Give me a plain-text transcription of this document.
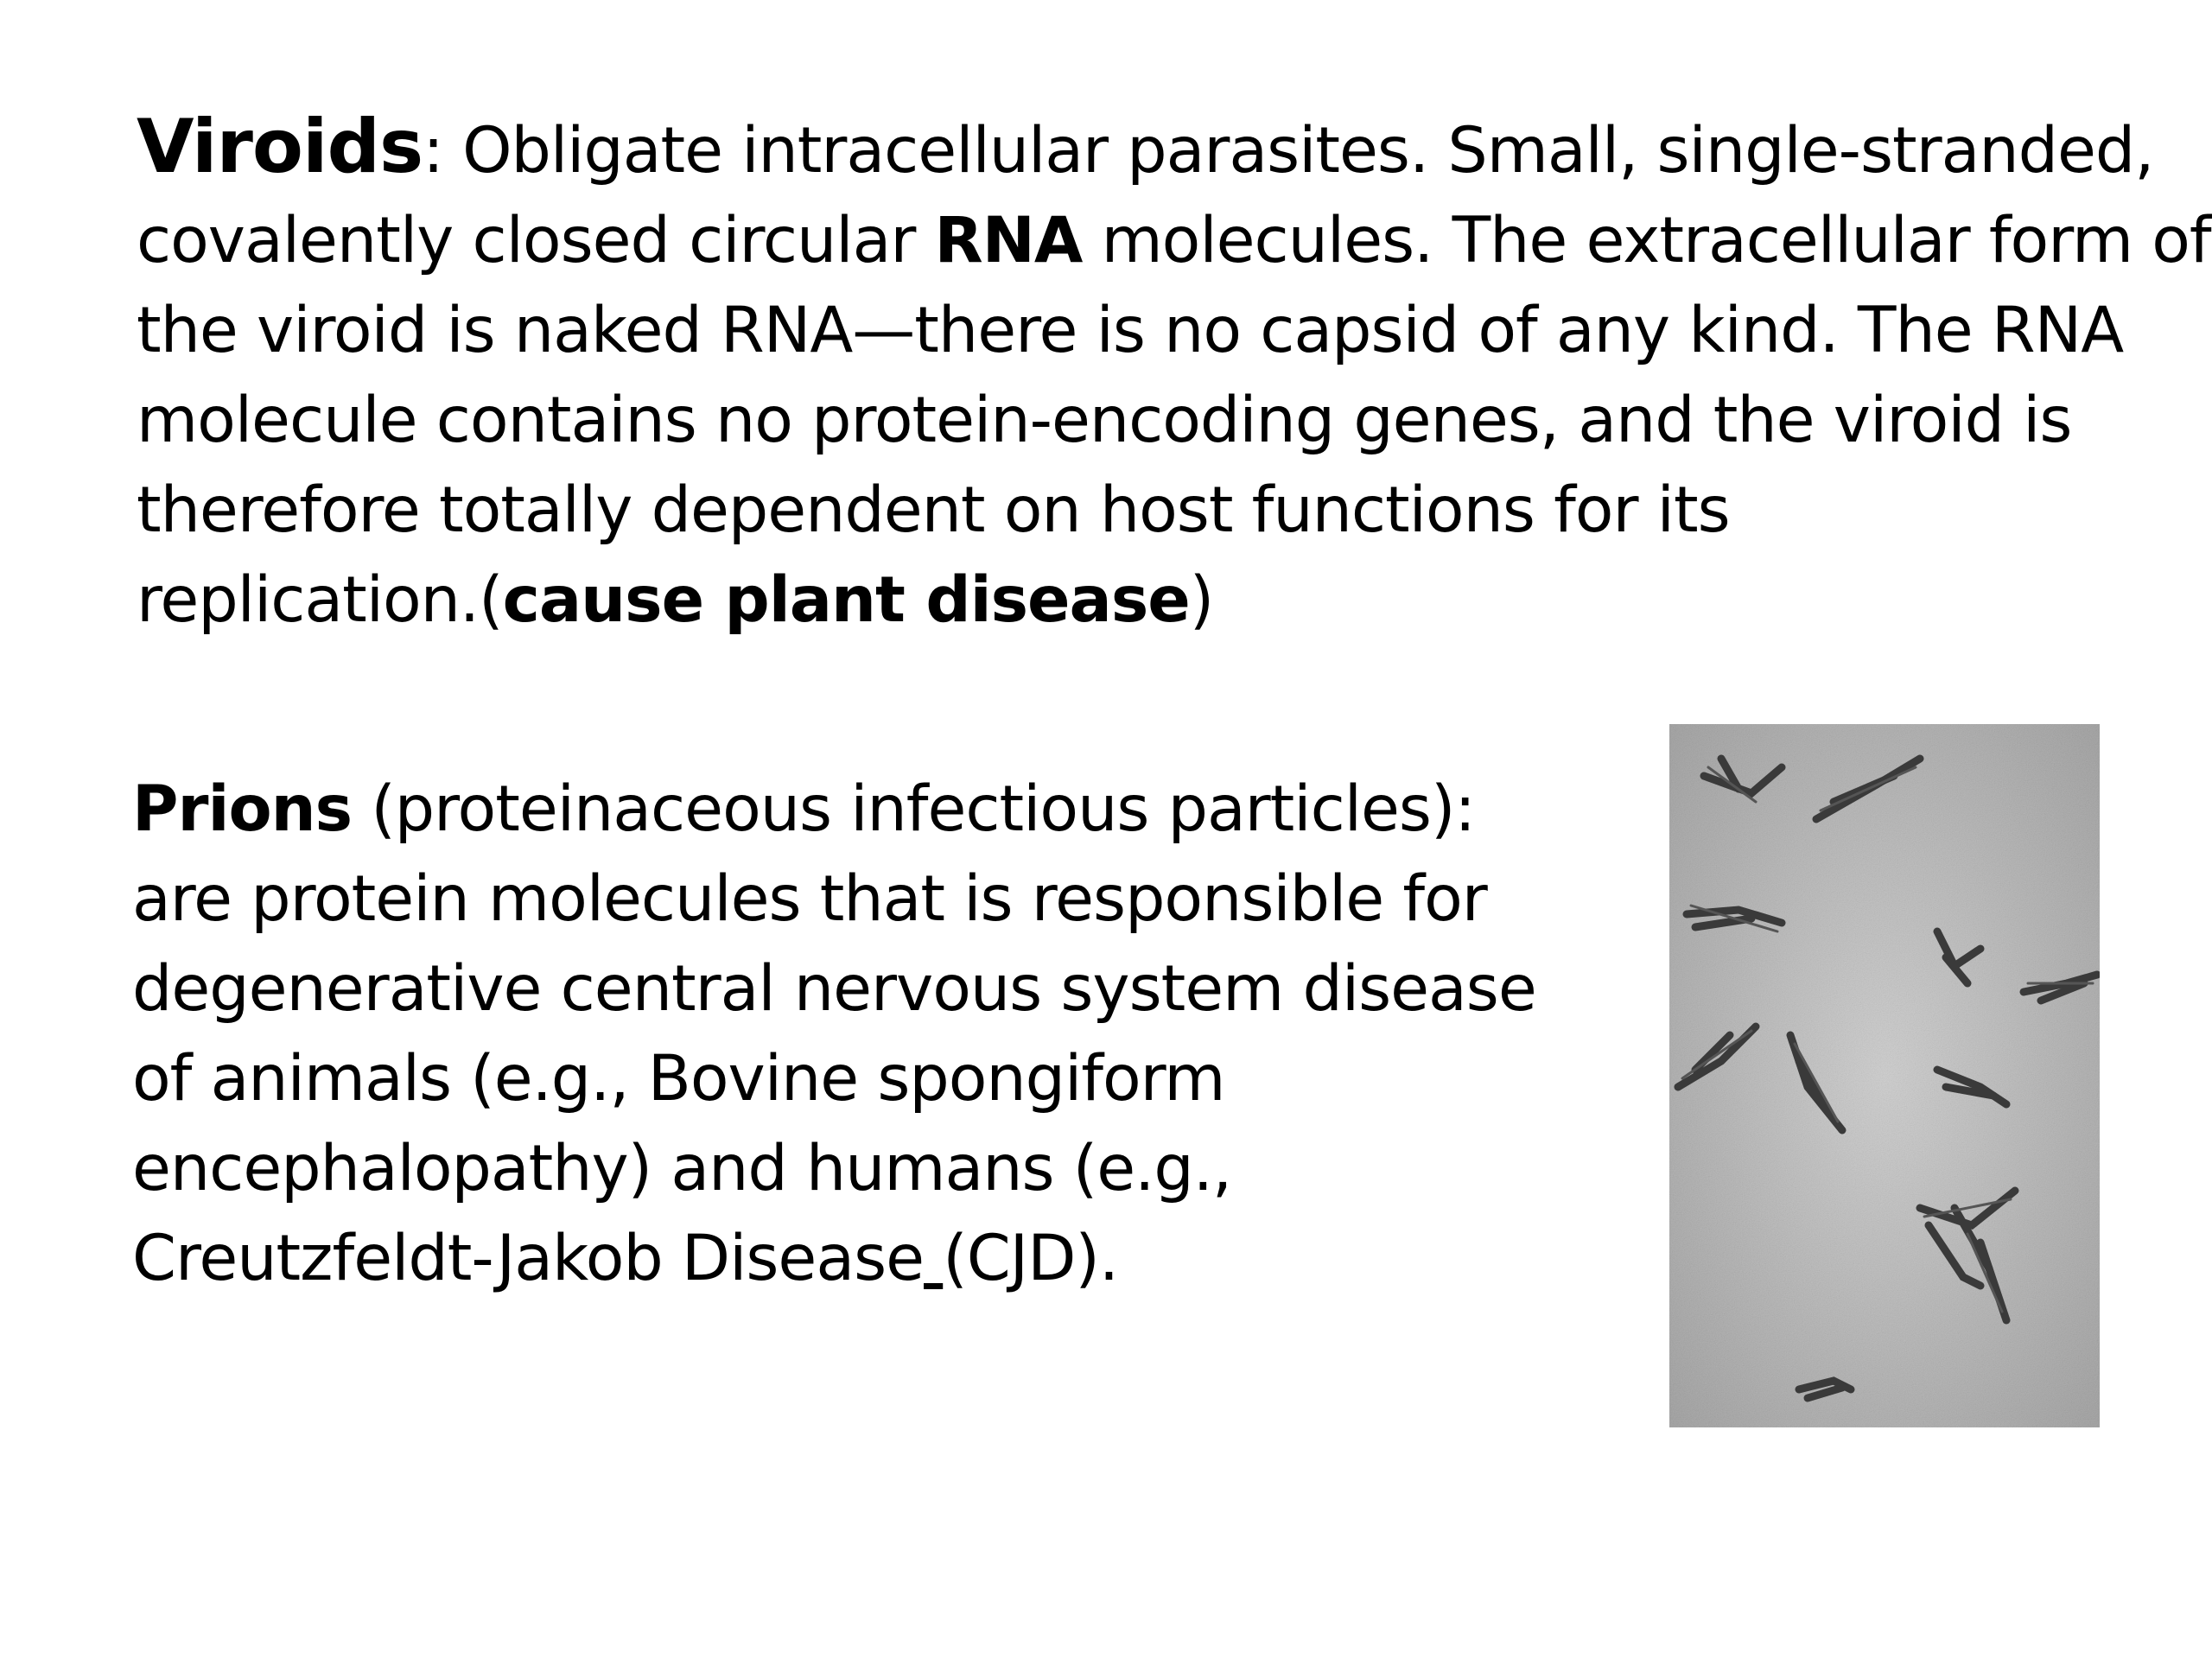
Viroids: Obligate intracellular parasites. Small, single-stranded,
covalently closed circular RNA molecules. The extracellular form of
the viroid is naked RNA—there is no capsid of any kind. The RNA
molecule contains no protein-encoding genes, and the viroid is
therefore totally dependent on host functions for its
replication.(cause plant disease)

Prions (proteinaceous infectious particles):
are protein molecules that is responsible for
degenerative central nervous system disease
of animals (e.g., Bovine spongiform
encephalopathy) and humans (e.g.,
Creutzfeldt-Jakob Disease (CJD).
